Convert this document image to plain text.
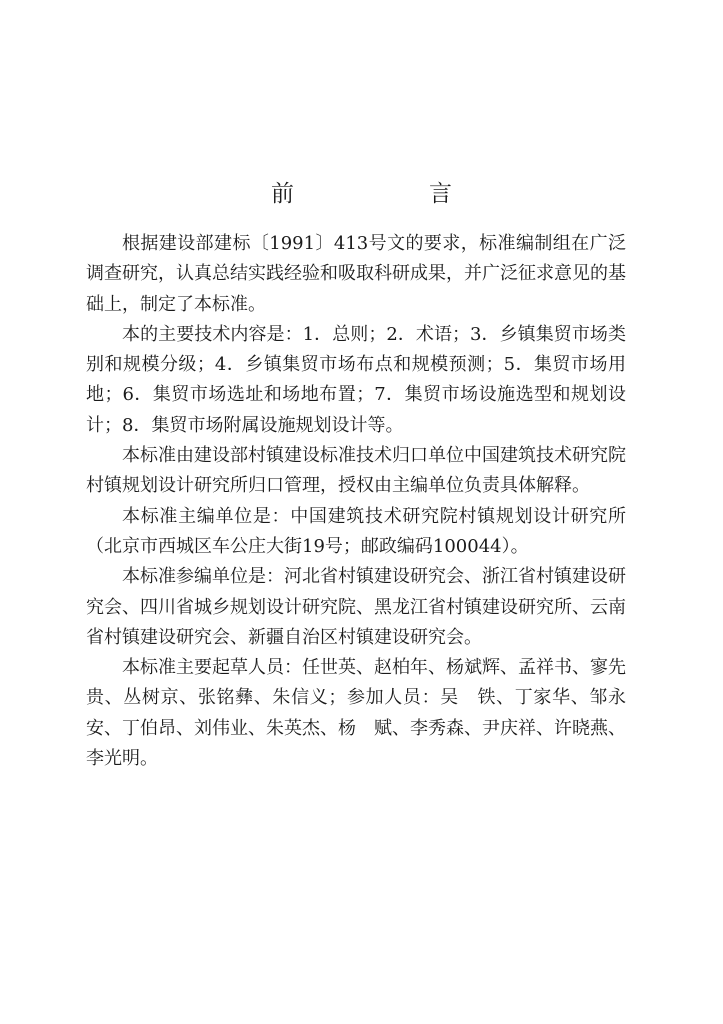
前　言

根据建设部建标〔1991〕413号文的要求，标准编制组在广泛调查研究，认真总结实践经验和吸取科研成果，并广泛征求意见的基础上，制定了本标准。

本的主要技术内容是：1．总则；2．术语；3．乡镇集贸市场类别和规模分级；4．乡镇集贸市场布点和规模预测；5．集贸市场用地；6．集贸市场选址和场地布置；7．集贸市场设施选型和规划设计；8．集贸市场附属设施规划设计等。

本标准由建设部村镇建设标准技术归口单位中国建筑技术研究院村镇规划设计研究所归口管理，授权由主编单位负责具体解释。

本标准主编单位是：中国建筑技术研究院村镇规划设计研究所（北京市西城区车公庄大街19号；邮政编码100044）。

本标准参编单位是：河北省村镇建设研究会、浙江省村镇建设研究会、四川省城乡规划设计研究院、黑龙江省村镇建设研究所、云南省村镇建设研究会、新疆自治区村镇建设研究会。

本标准主要起草人员：任世英、赵柏年、杨斌辉、孟祥书、寥先贵、丛树京、张铭彝、朱信义；参加人员：吴　铁、丁家华、邹永安、丁伯昂、刘伟业、朱英杰、杨　赋、李秀森、尹庆祥、许晓燕、李光明。
